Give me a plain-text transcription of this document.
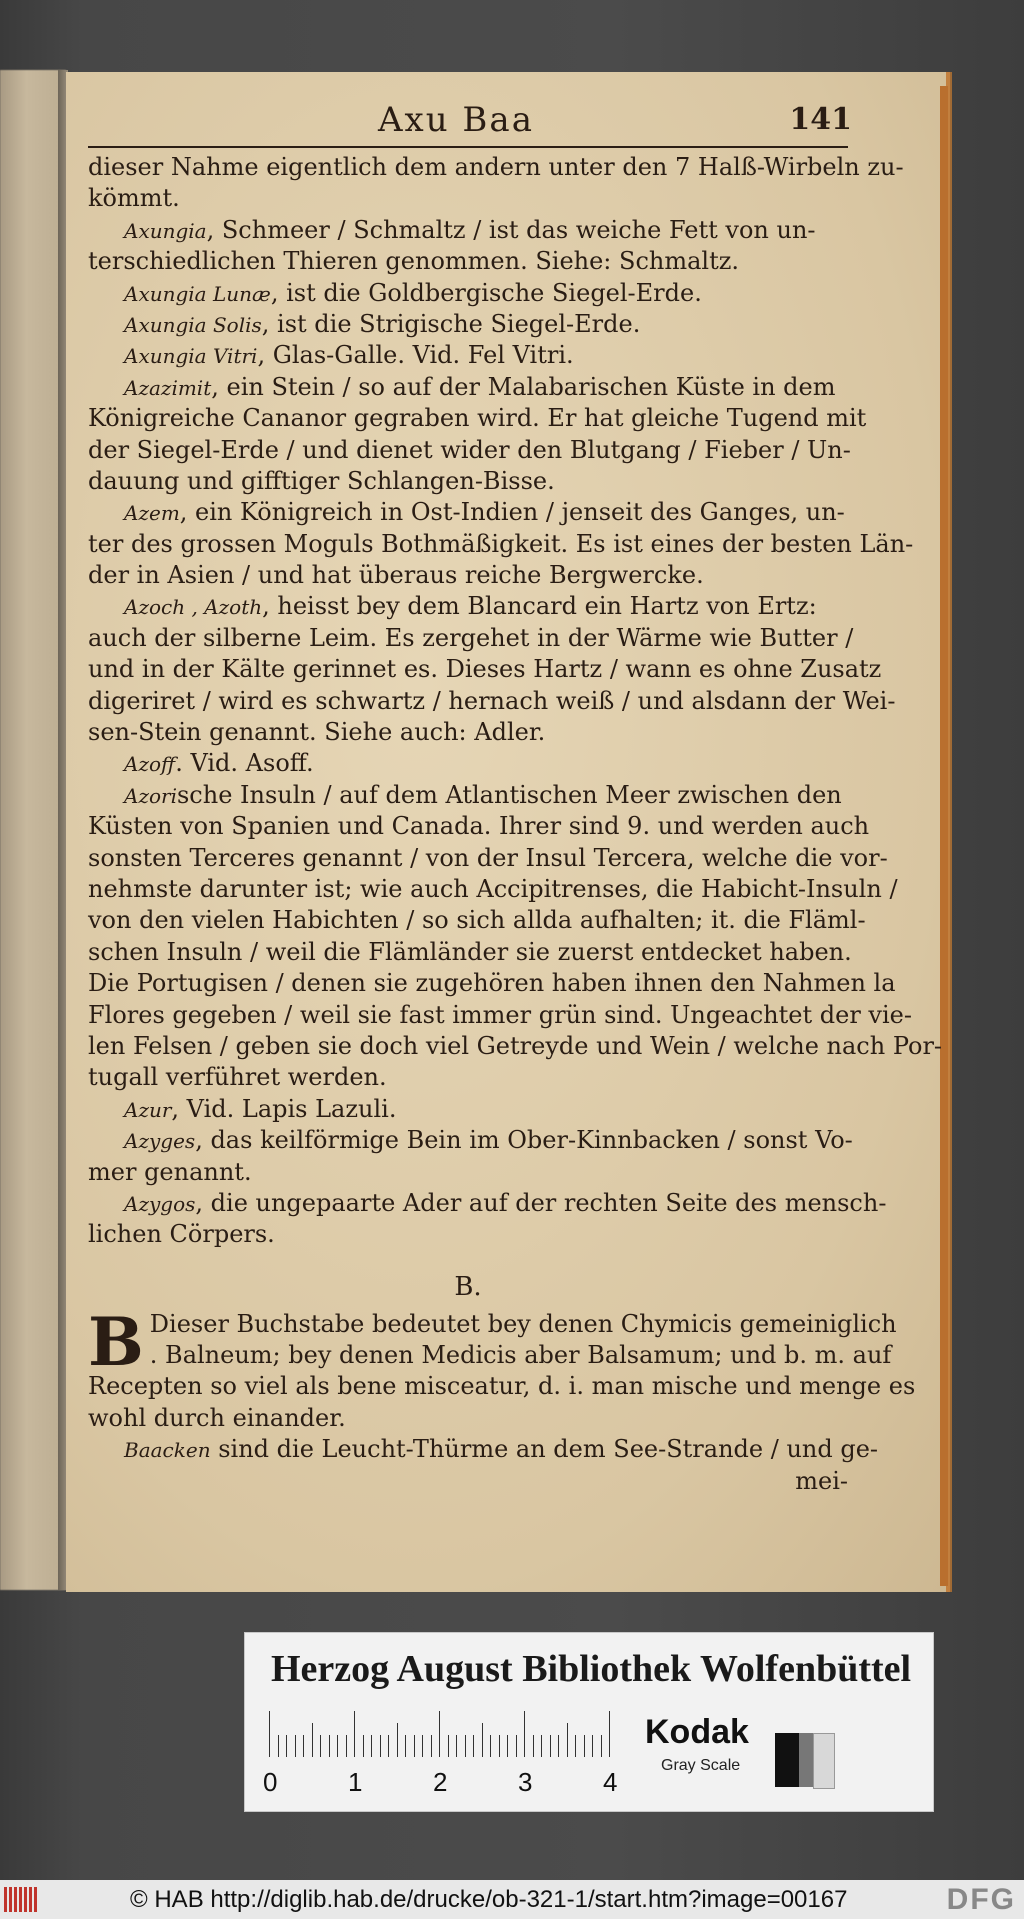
Axu Baa	141
dieser Nahme eigentlich dem andern unter den 7 Halß-Wirbeln zu-
kömmt.
Axungia, Schmeer / Schmaltz / ist das weiche Fett von un-
terschiedlichen Thieren genommen. Siehe: Schmaltz.
Axungia Lunæ, ist die Goldbergische Siegel-Erde.
Axungia Solis, ist die Strigische Siegel-Erde.
Axungia Vitri, Glas-Galle. Vid. Fel Vitri.
Azazimit, ein Stein / so auf der Malabarischen Küste in dem
Königreiche Cananor gegraben wird. Er hat gleiche Tugend mit
der Siegel-Erde / und dienet wider den Blutgang / Fieber / Un-
dauung und gifftiger Schlangen-Bisse.
Azem, ein Königreich in Ost-Indien / jenseit des Ganges, un-
ter des grossen Moguls Bothmäßigkeit. Es ist eines der besten Län-
der in Asien / und hat überaus reiche Bergwercke.
Azoch , Azoth, heisst bey dem Blancard ein Hartz von Ertz:
auch der silberne Leim. Es zergehet in der Wärme wie Butter /
und in der Kälte gerinnet es. Dieses Hartz / wann es ohne Zusatz
digeriret / wird es schwartz / hernach weiß / und alsdann der Wei-
sen-Stein genannt. Siehe auch: Adler.
Azoff. Vid. Asoff.
Azorische Insuln / auf dem Atlantischen Meer zwischen den
Küsten von Spanien und Canada. Ihrer sind 9. und werden auch
sonsten Terceres genannt / von der Insul Tercera, welche die vor-
nehmste darunter ist; wie auch Accipitrenses, die Habicht-Insuln /
von den vielen Habichten / so sich allda aufhalten; it. die Fläml-
schen Insuln / weil die Flämländer sie zuerst entdecket haben.
Die Portugisen / denen sie zugehören haben ihnen den Nahmen la
Flores gegeben / weil sie fast immer grün sind. Ungeachtet der vie-
len Felsen / geben sie doch viel Getreyde und Wein / welche nach Por-
tugall verführet werden.
Azur, Vid. Lapis Lazuli.
Azyges, das keilförmige Bein im Ober-Kinnbacken / sonst Vo-
mer genannt.
Azygos, die ungepaarte Ader auf der rechten Seite des mensch-
lichen Cörpers.
B.
B Dieser Buchstabe bedeutet bey denen Chymicis gemeiniglich
. Balneum; bey denen Medicis aber Balsamum; und b. m. auf
Recepten so viel als bene misceatur, d. i. man mische und menge es
wohl durch einander.
Baacken sind die Leucht-Thürme an dem See-Strande / und ge-
mei-
Herzog August Bibliothek Wolfenbüttel
0	1	2	3	4
Kodak
Gray Scale
© HAB http://diglib.hab.de/drucke/ob-321-1/start.htm?image=00167	DFG
